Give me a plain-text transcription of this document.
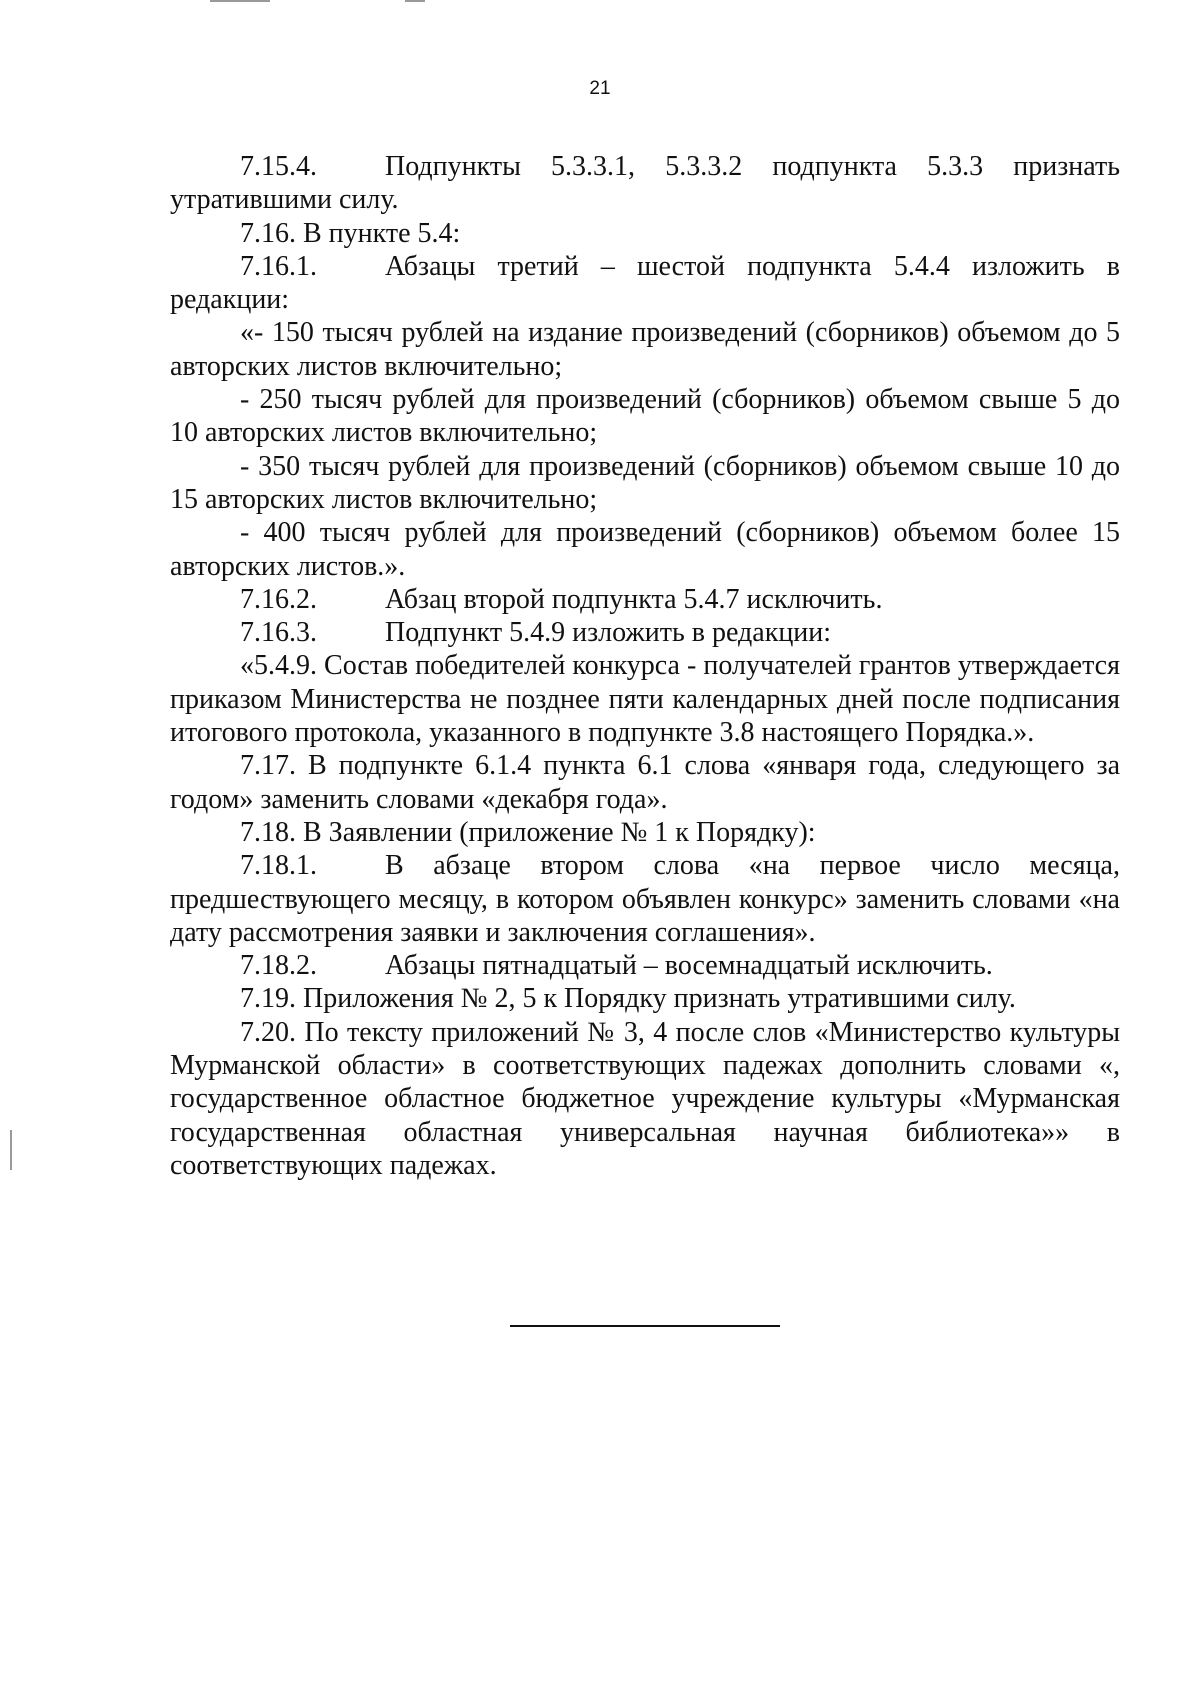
21

7.15.4. Подпункты 5.3.3.1, 5.3.3.2 подпункта 5.3.3 признать утратившими силу.

7.16. В пункте 5.4:

7.16.1. Абзацы третий – шестой подпункта 5.4.4 изложить в редакции:

«- 150 тысяч рублей на издание произведений (сборников) объемом до 5 авторских листов включительно;

- 250 тысяч рублей для произведений (сборников) объемом свыше 5 до 10 авторских листов включительно;

- 350 тысяч рублей для произведений (сборников) объемом свыше 10 до 15 авторских листов включительно;

- 400 тысяч рублей для произведений (сборников) объемом более 15 авторских листов.».

7.16.2. Абзац второй подпункта 5.4.7 исключить.

7.16.3. Подпункт 5.4.9 изложить в редакции:

«5.4.9. Состав победителей конкурса - получателей грантов утверждается приказом Министерства не позднее пяти календарных дней после подписания итогового протокола, указанного в подпункте 3.8 настоящего Порядка.».

7.17. В подпункте 6.1.4 пункта 6.1 слова «января года, следующего за годом» заменить словами «декабря года».

7.18. В Заявлении (приложение № 1 к Порядку):

7.18.1. В абзаце втором слова «на первое число месяца, предшествующего месяцу, в котором объявлен конкурс» заменить словами «на дату рассмотрения заявки и заключения соглашения».

7.18.2. Абзацы пятнадцатый – восемнадцатый исключить.

7.19. Приложения № 2, 5 к Порядку признать утратившими силу.

7.20. По тексту приложений № 3, 4 после слов «Министерство культуры Мурманской области» в соответствующих падежах дополнить словами «, государственное областное бюджетное учреждение культуры «Мурманская государственная областная универсальная научная библиотека»» в соответствующих падежах.
